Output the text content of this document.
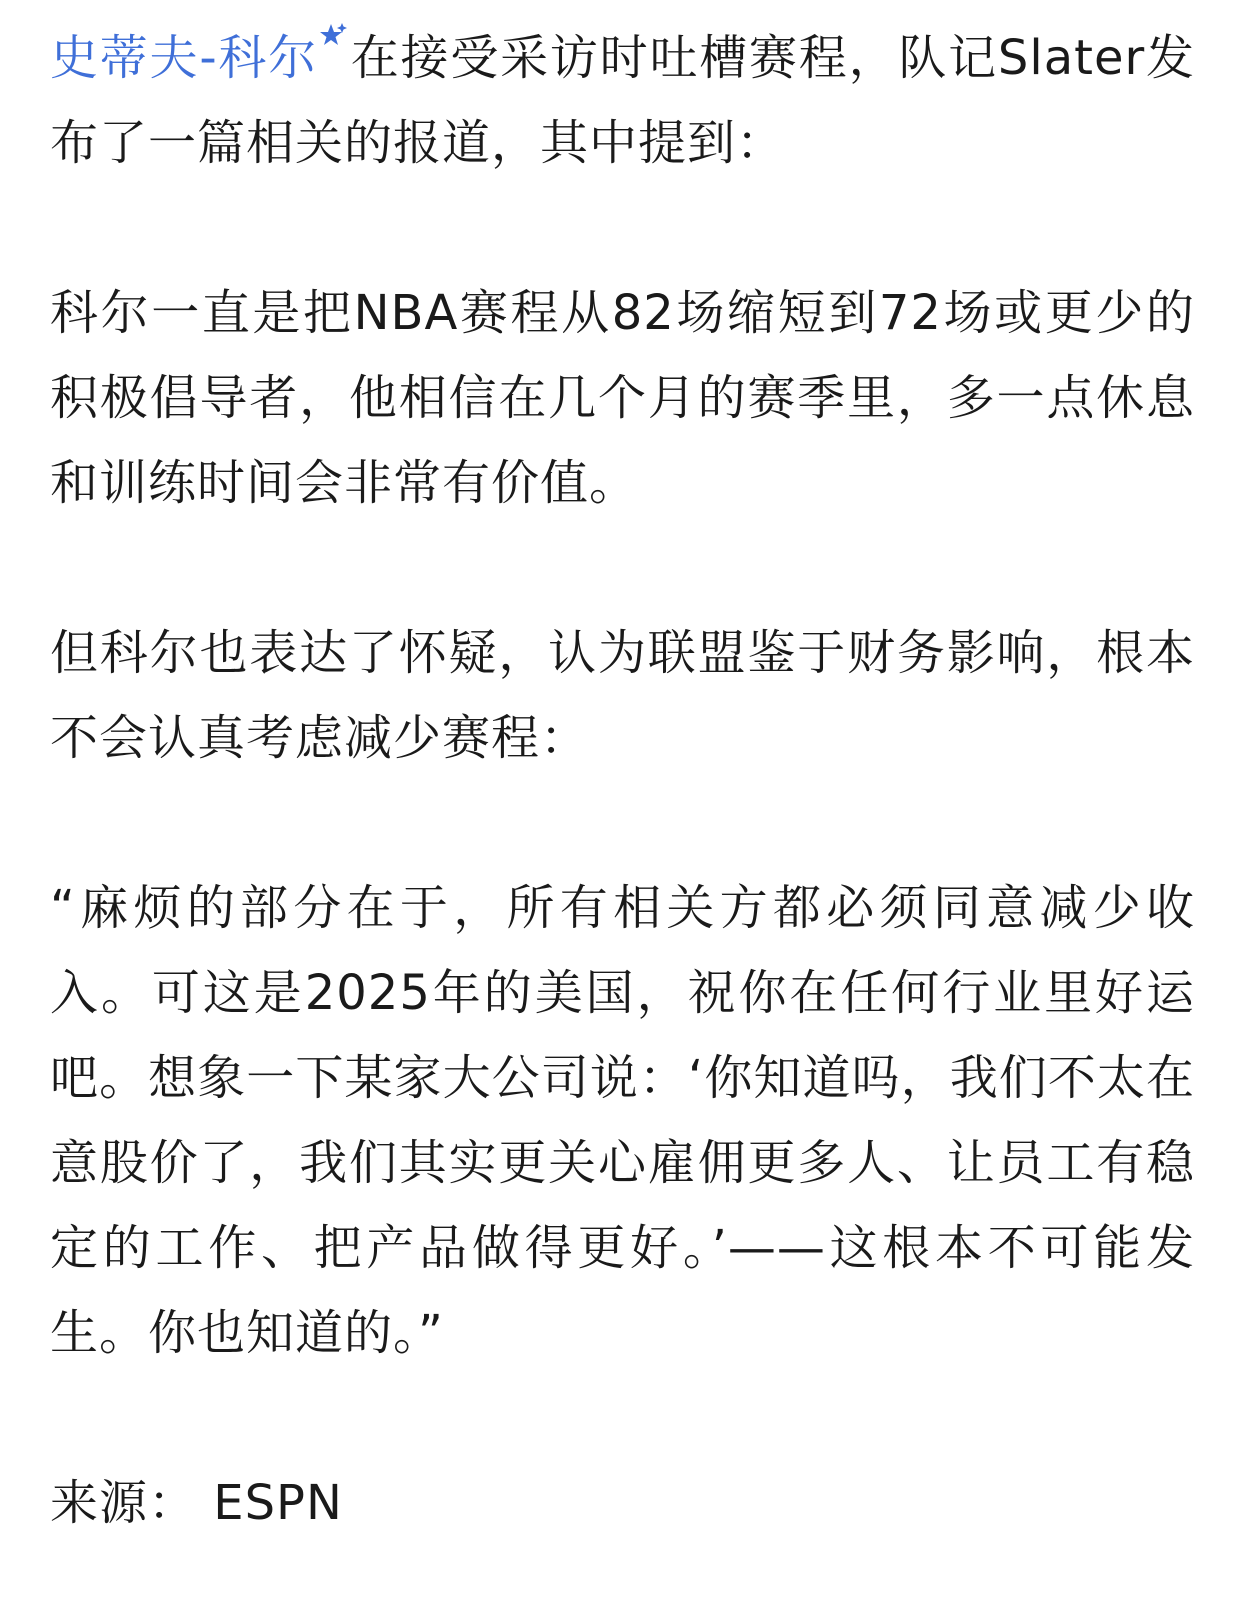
史蒂夫-科尔 在接受采访时吐槽赛程，队记Slater发布了一篇相关的报道，其中提到：

科尔一直是把NBA赛程从82场缩短到72场或更少的积极倡导者，他相信在几个月的赛季里，多一点休息和训练时间会非常有价值。

但科尔也表达了怀疑，认为联盟鉴于财务影响，根本不会认真考虑减少赛程：

“麻烦的部分在于，所有相关方都必须同意减少收入。可这是2025年的美国，祝你在任何行业里好运吧。想象一下某家大公司说：‘你知道吗，我们不太在意股价了，我们其实更关心雇佣更多人、让员工有稳定的工作、把产品做得更好。’——这根本不可能发生。你也知道的。”

来源： ESPN
